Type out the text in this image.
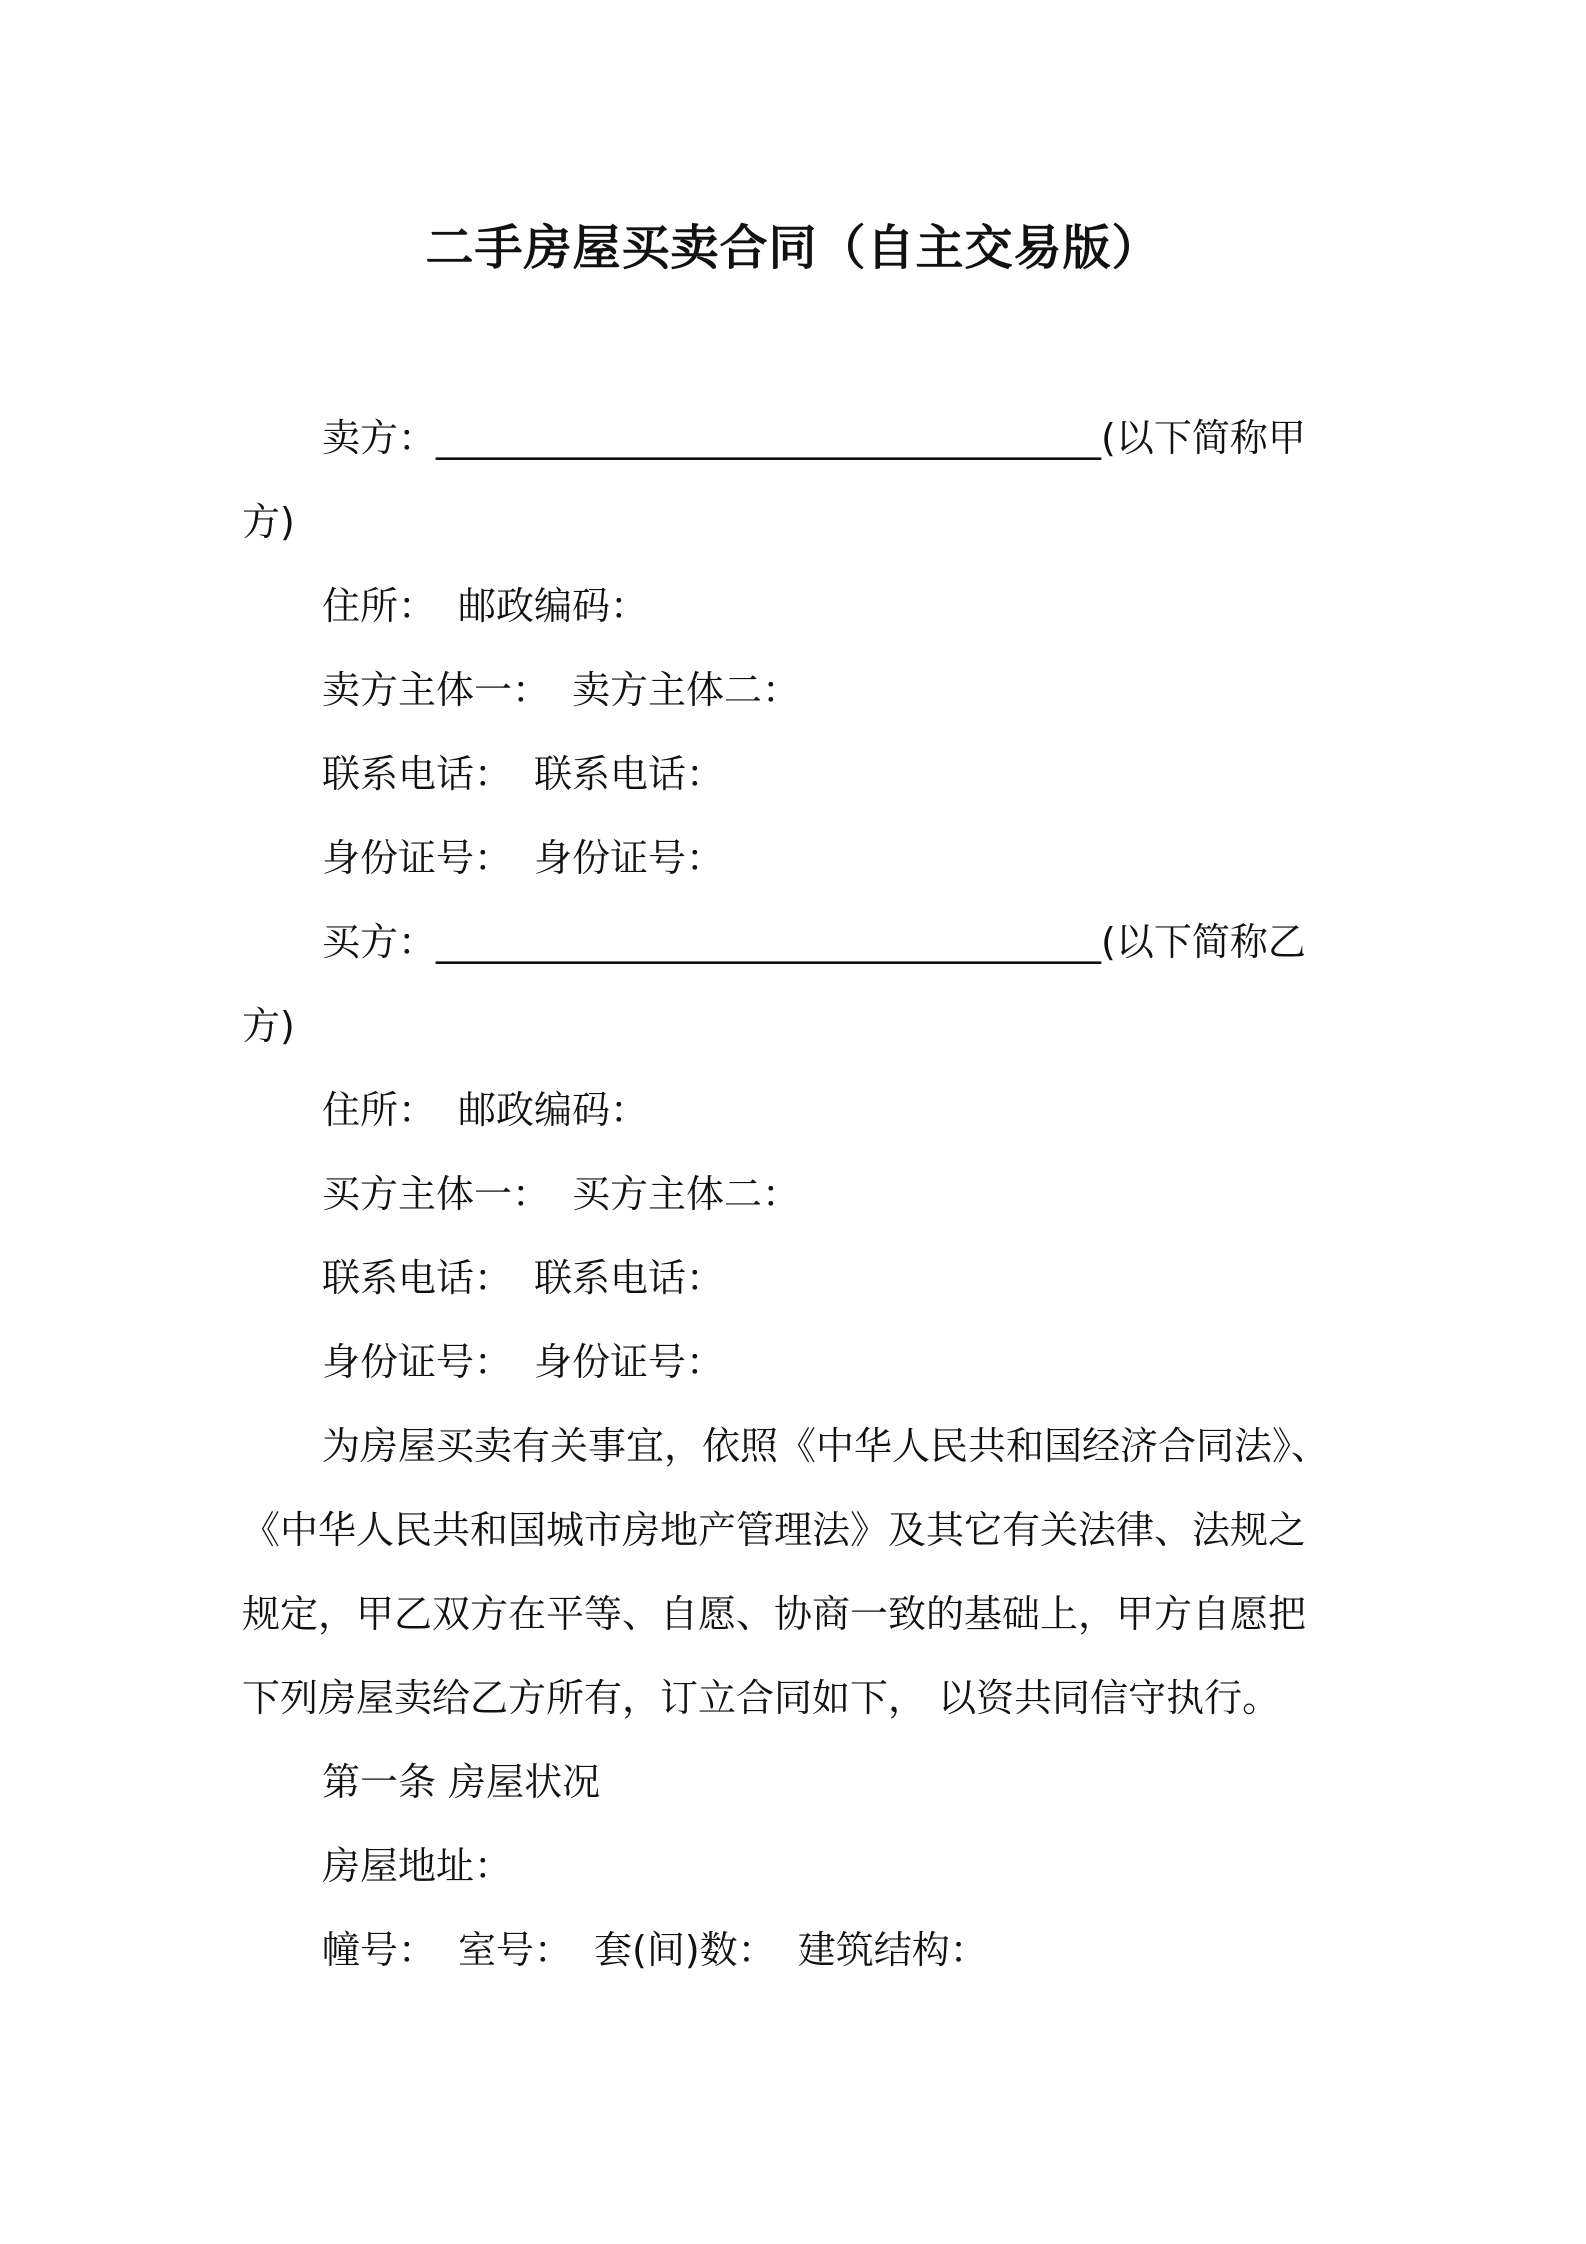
二手房屋买卖合同（自主交易版）

卖方：___________________________________(以下简称甲

方)

住所： 邮政编码：

卖方主体一： 卖方主体二：

联系电话： 联系电话：

身份证号： 身份证号：

买方：___________________________________(以下简称乙

方)

住所： 邮政编码：

买方主体一： 买方主体二：

联系电话： 联系电话：

身份证号： 身份证号：

为房屋买卖有关事宜，依照《中华人民共和国经济合同法》、

《中华人民共和国城市房地产管理法》及其它有关法律、法规之

规定，甲乙双方在平等、自愿、协商一致的基础上，甲方自愿把

下列房屋卖给乙方所有，订立合同如下， 以资共同信守执行。

第一条 房屋状况

房屋地址：

幢号： 室号： 套(间)数： 建筑结构：
